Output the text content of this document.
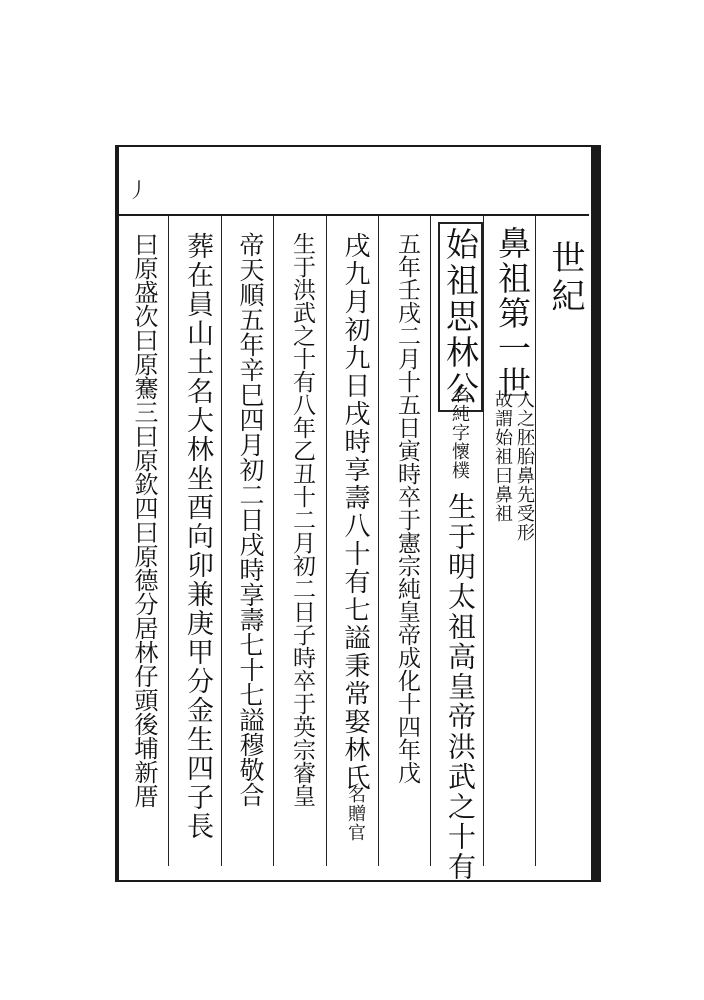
丿
世紀
鼻祖第一世
人之胚胎鼻先受形
故謂始祖曰鼻祖
始祖思林公
名純字懷樸
生于明太祖高皇帝洪武之十有
五年壬戌二月十五日寅時卒于憲宗純皇帝成化十四年戊
戌九月初九日戌時享壽八十有七謚秉常娶林氏
名贈官
生于洪武之十有八年乙丑十二月初二日子時卒于英宗睿皇
帝天順五年辛巳四月初二日戌時享壽七十七謚穆敬合
葬在員山土名大林坐酉向卯兼庚甲分金生四子長
曰原盛次曰原騫三曰原欽四曰原德分居林仔頭後埔新厝
